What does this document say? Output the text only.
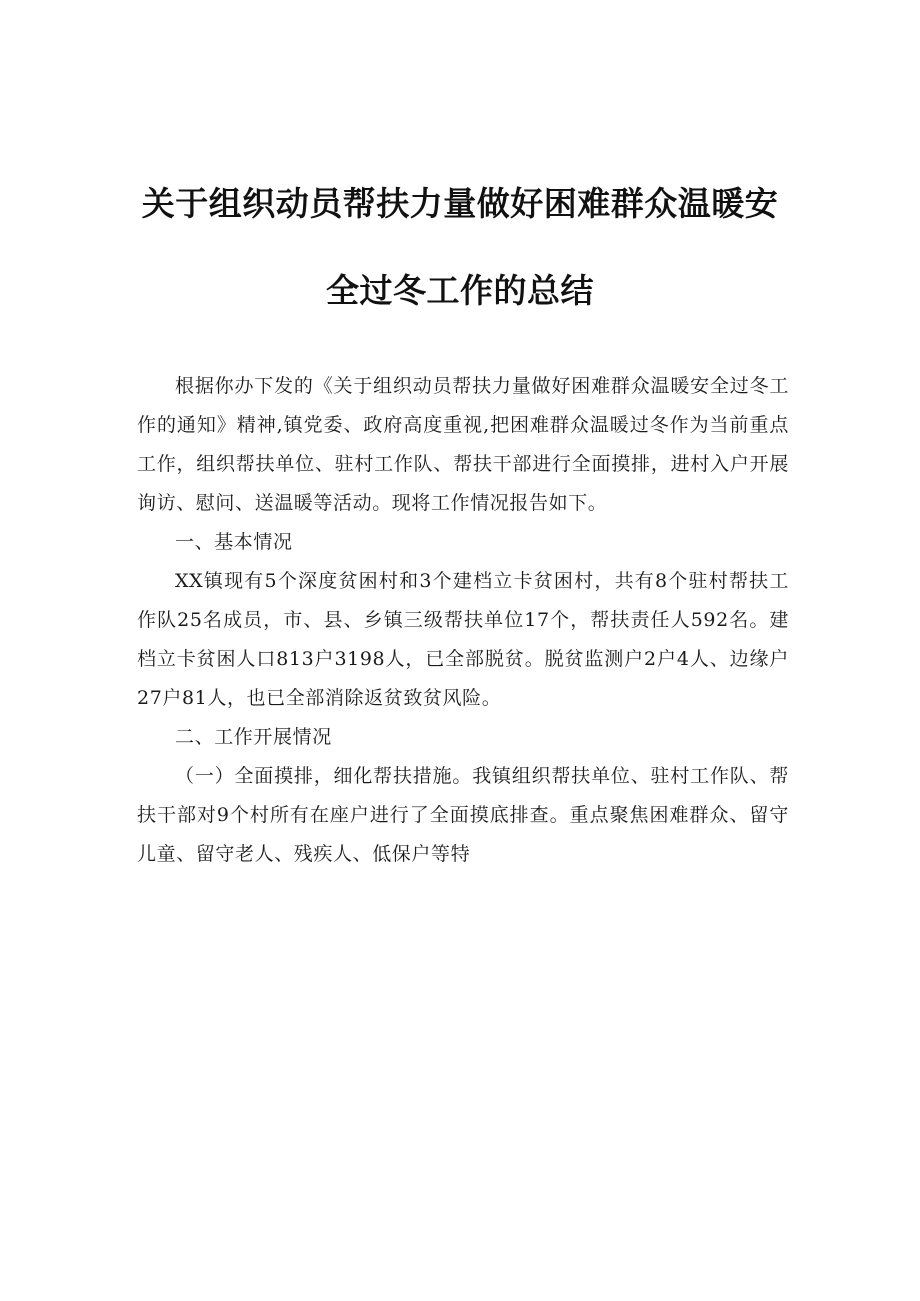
关于组织动员帮扶力量做好困难群众温暖安
全过冬工作的总结

根据你办下发的《关于组织动员帮扶力量做好困难群众温暖安全过冬工作的通知》精神,镇党委、政府高度重视,把困难群众温暖过冬作为当前重点工作，组织帮扶单位、驻村工作队、帮扶干部进行全面摸排，进村入户开展询访、慰问、送温暖等活动。现将工作情况报告如下。

一、基本情况

XX镇现有5个深度贫困村和3个建档立卡贫困村，共有8个驻村帮扶工作队25名成员，市、县、乡镇三级帮扶单位17个，帮扶责任人592名。建档立卡贫困人口813户3198人，已全部脱贫。脱贫监测户2户4人、边缘户27户81人，也已全部消除返贫致贫风险。

二、工作开展情况

（一）全面摸排，细化帮扶措施。我镇组织帮扶单位、驻村工作队、帮扶干部对9个村所有在座户进行了全面摸底排查。重点聚焦困难群众、留守儿童、留守老人、残疾人、低保户等特
